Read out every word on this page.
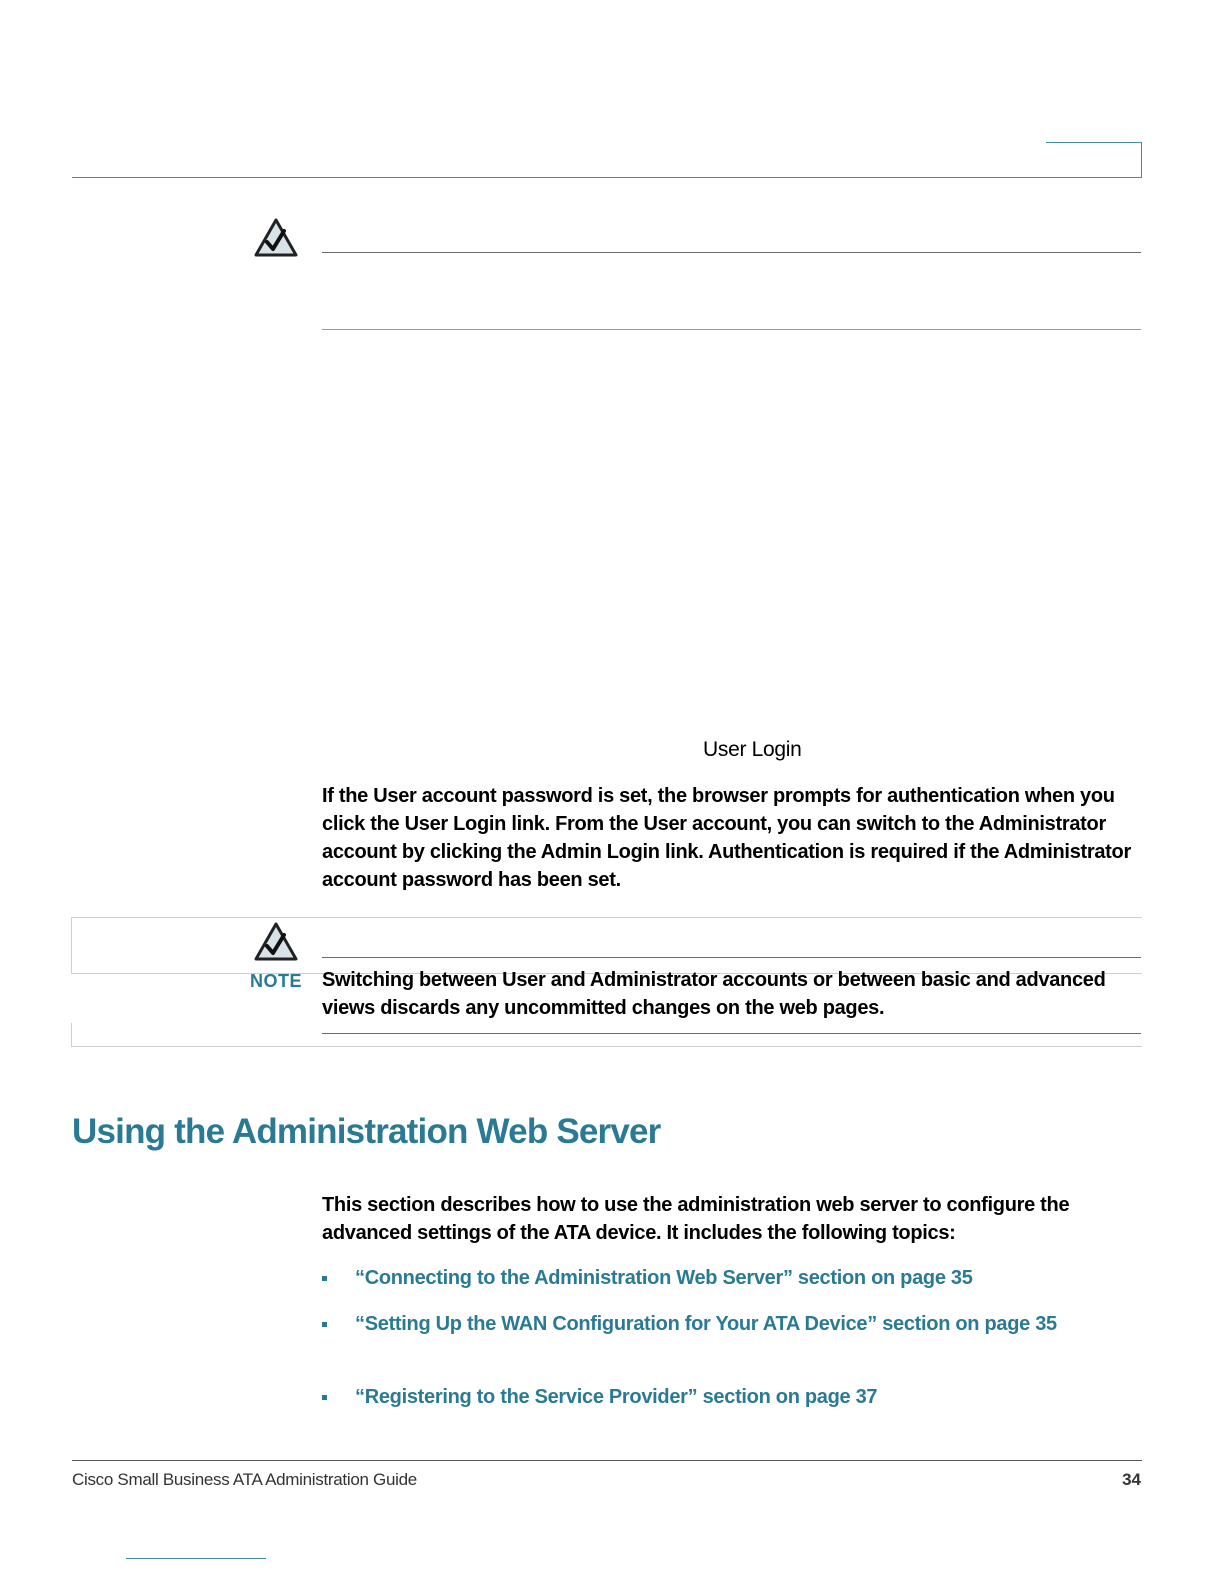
User Login
If the User account password is set, the browser prompts for authentication when you click the User Login link. From the User account, you can switch to the Administrator account by clicking the Admin Login link. Authentication is required if the Administrator account password has been set.
NOTE Switching between User and Administrator accounts or between basic and advanced views discards any uncommitted changes on the web pages.
Using the Administration Web Server
This section describes how to use the administration web server to configure the advanced settings of the ATA device. It includes the following topics:
“Connecting to the Administration Web Server” section on page 35
“Setting Up the WAN Configuration for Your ATA Device” section on page 35
“Registering to the Service Provider” section on page 37
Cisco Small Business ATA Administration Guide	34
